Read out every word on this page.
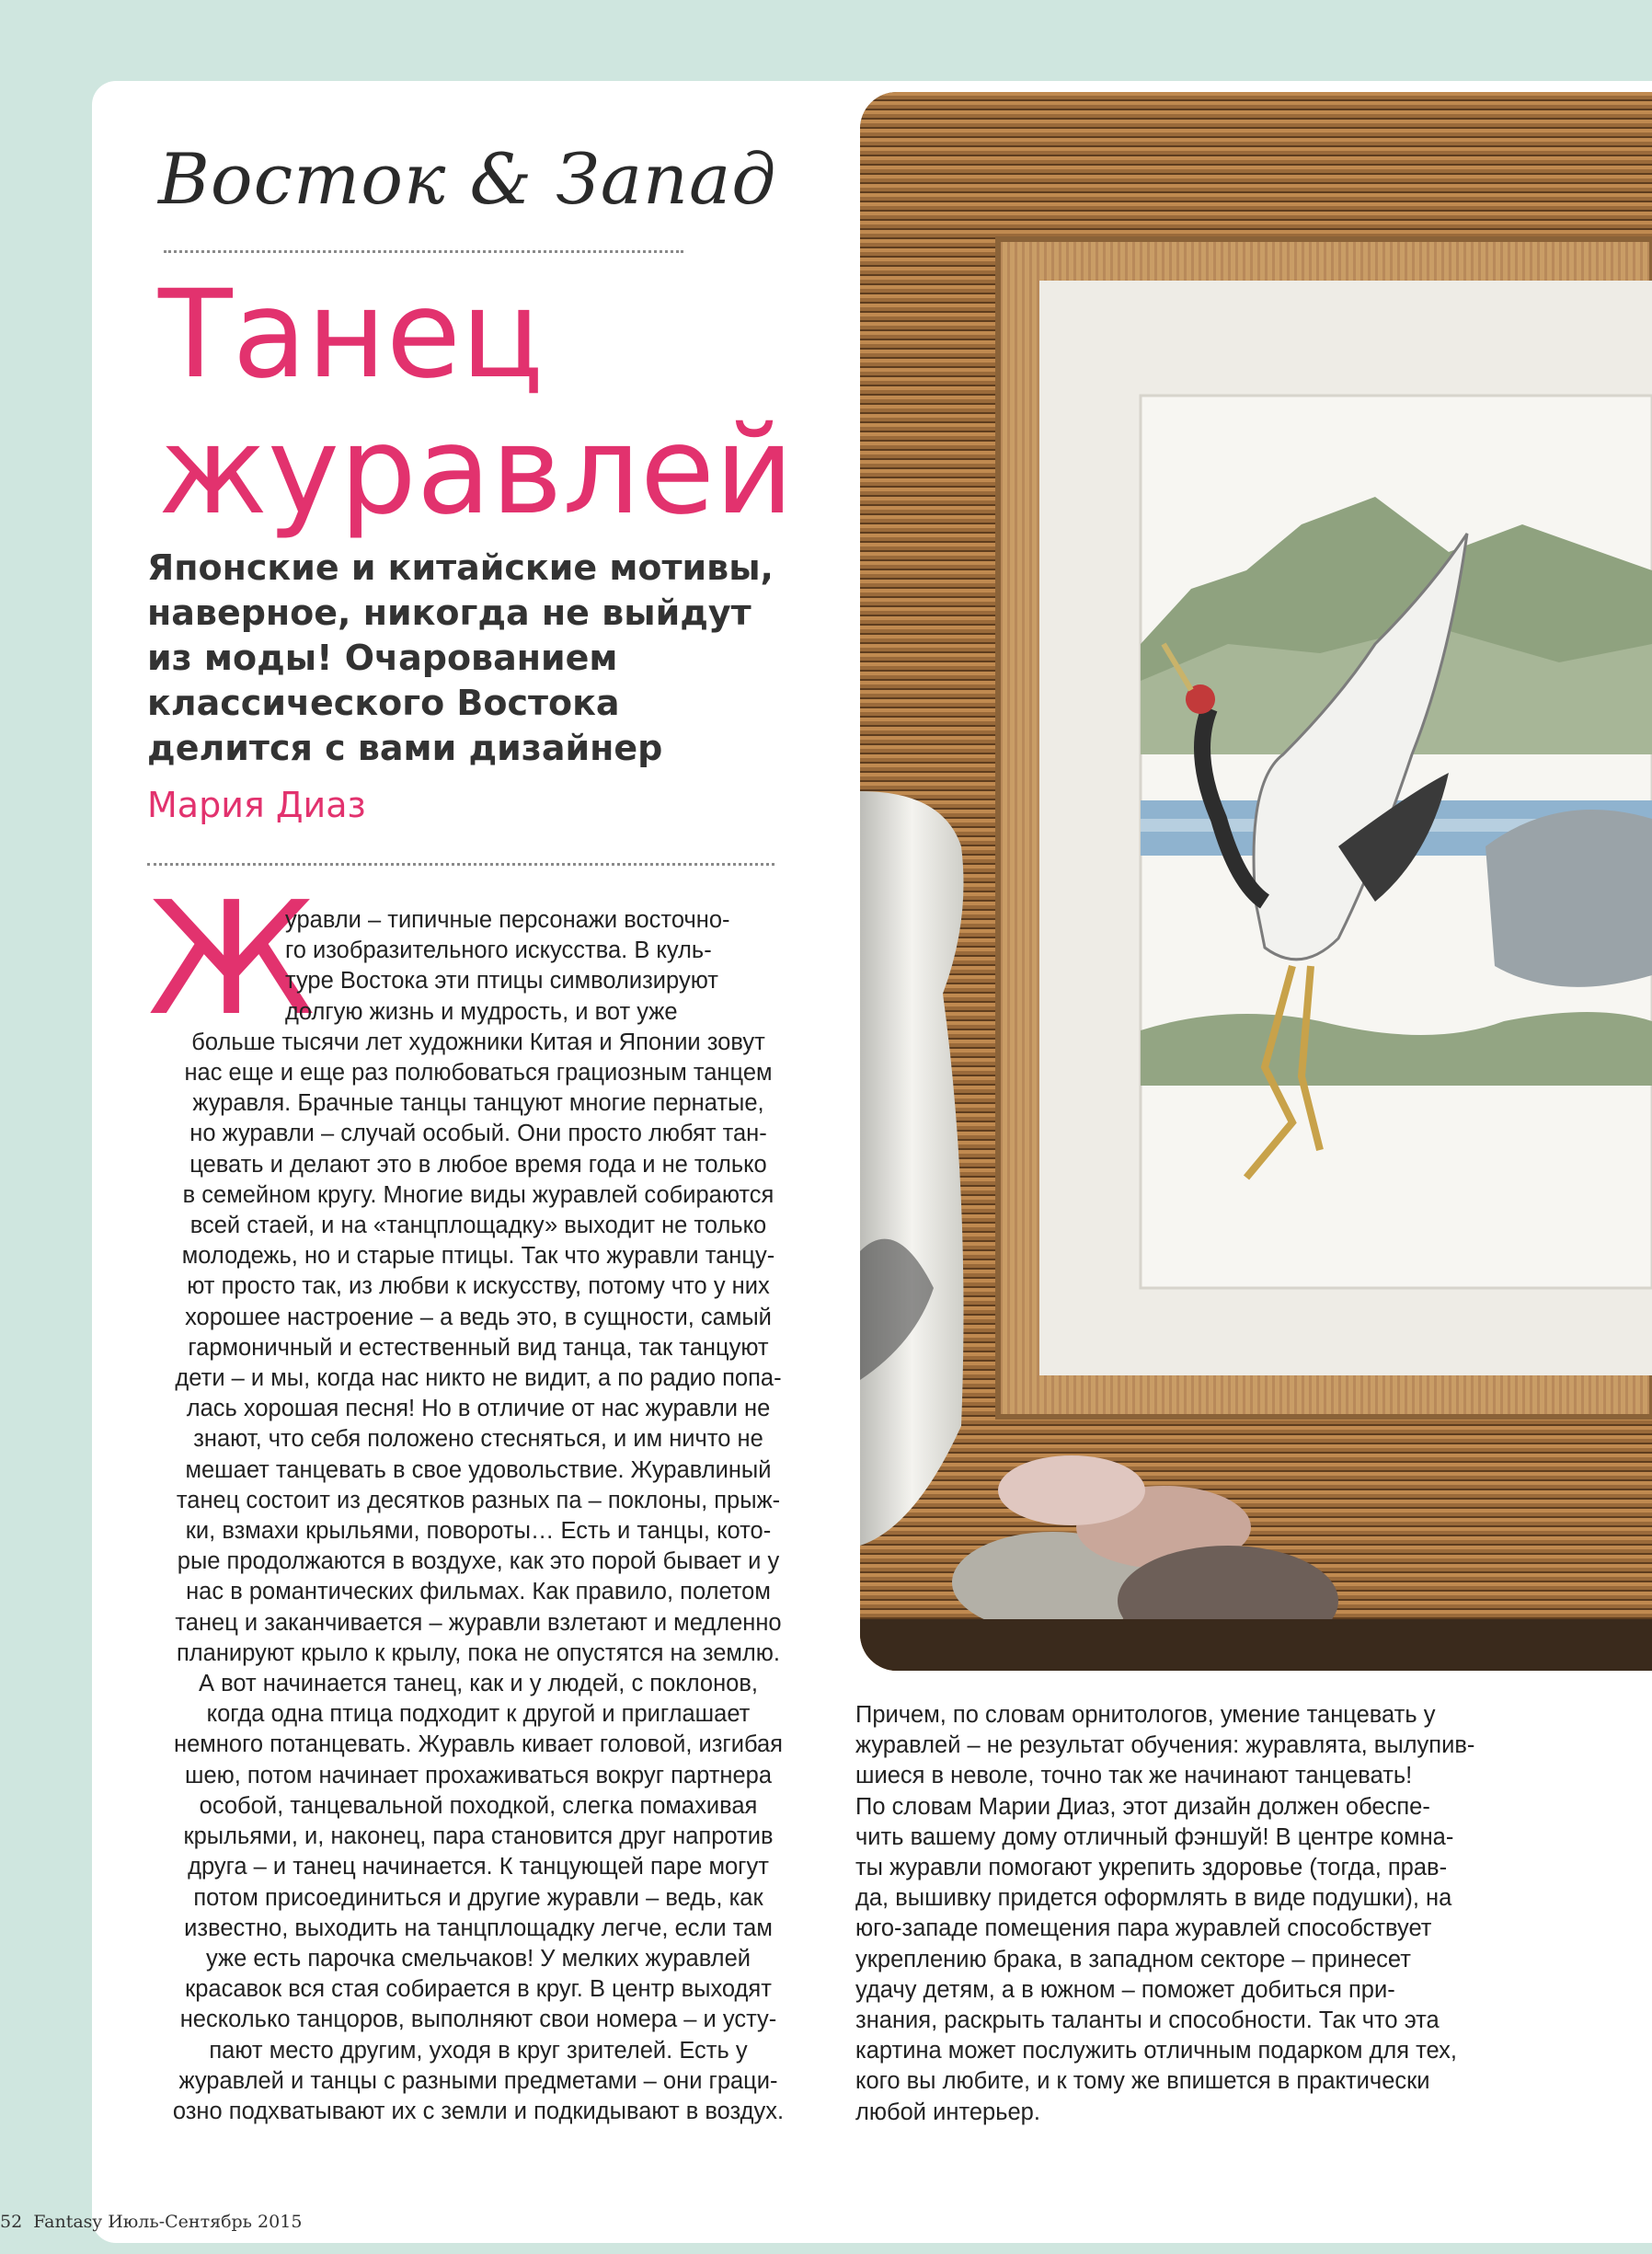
Восток & Запад
Танец
журавлей
Японские и китайские мотивы,
наверное, никогда не выйдут
из моды! Очарованием
классического Востока
делится с вами дизайнер
Мария Диаз
Ж
уравли – типичные персонажи восточно-
го изобразительного искусства. В куль-
туре Востока эти птицы символизируют
долгую жизнь и мудрость, и вот уже
больше тысячи лет художники Китая и Японии зовут
нас еще и еще раз полюбоваться грациозным танцем
журавля. Брачные танцы танцуют многие пернатые,
но журавли – случай особый. Они просто любят тан-
цевать и делают это в любое время года и не только
в семейном кругу. Многие виды журавлей собираются
всей стаей, и на «танцплощадку» выходит не только
молодежь, но и старые птицы. Так что журавли танцу-
ют просто так, из любви к искусству, потому что у них
хорошее настроение – а ведь это, в сущности, самый
гармоничный и естественный вид танца, так танцуют
дети – и мы, когда нас никто не видит, а по радио попа-
лась хорошая песня! Но в отличие от нас журавли не
знают, что себя положено стесняться, и им ничто не
мешает танцевать в свое удовольствие. Журавлиный
танец состоит из десятков разных па – поклоны, прыж-
ки, взмахи крыльями, повороты… Есть и танцы, кото-
рые продолжаются в воздухе, как это порой бывает и у
нас в романтических фильмах. Как правило, полетом
танец и заканчивается – журавли взлетают и медленно
планируют крыло к крылу, пока не опустятся на землю.
А вот начинается танец, как и у людей, с поклонов,
когда одна птица подходит к другой и приглашает
немного потанцевать. Журавль кивает головой, изгибая
шею, потом начинает прохаживаться вокруг партнера
особой, танцевальной походкой, слегка помахивая
крыльями, и, наконец, пара становится друг напротив
друга – и танец начинается. К танцующей паре могут
потом присоединиться и другие журавли – ведь, как
известно, выходить на танцплощадку легче, если там
уже есть парочка смельчаков! У мелких журавлей
красавок вся стая собирается в круг. В центр выходят
несколько танцоров, выполняют свои номера – и усту-
пают место другим, уходя в круг зрителей. Есть у
журавлей и танцы с разными предметами – они граци-
озно подхватывают их с земли и подкидывают в воздух.
Причем, по словам орнитологов, умение танцевать у
журавлей – не результат обучения: журавлята, вылупив-
шиеся в неволе, точно так же начинают танцевать!
По словам Марии Диаз, этот дизайн должен обеспе-
чить вашему дому отличный фэншуй! В центре комна-
ты журавли помогают укрепить здоровье (тогда, прав-
да, вышивку придется оформлять в виде подушки), на
юго-западе помещения пара журавлей способствует
укреплению брака, в западном секторе – принесет
удачу детям, а в южном – поможет добиться при-
знания, раскрыть таланты и способности. Так что эта
картина может послужить отличным подарком для тех,
кого вы любите, и к тому же впишется в практически
любой интерьер.
52 Fantasy Июль-Сентябрь 2015
